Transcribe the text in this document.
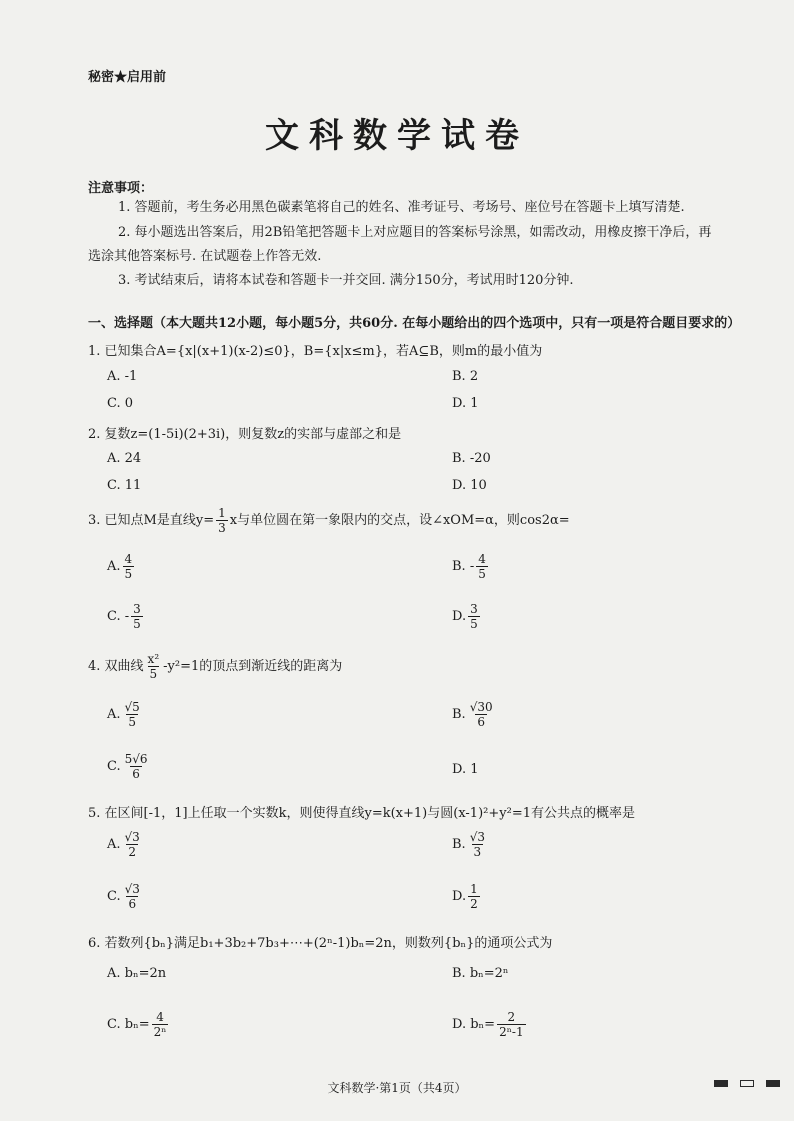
秘密★启用前
文科数学试卷
注意事项：
1. 答题前，考生务必用黑色碳素笔将自己的姓名、准考证号、考场号、座位号在答题卡上填写清楚.
2. 每小题选出答案后，用2B铅笔把答题卡上对应题目的答案标号涂黑，如需改动，用橡皮擦干净后，再
选涂其他答案标号. 在试题卷上作答无效.
3. 考试结束后，请将本试卷和答题卡一并交回. 满分150分，考试用时120分钟.
一、选择题（本大题共12小题，每小题5分，共60分. 在每小题给出的四个选项中，只有一项是符合题目要求的）
1. 已知集合A={x|(x+1)(x-2)≤0}，B={x|x≤m}，若A⊆B，则m的最小值为
A. -1	B. 2
C. 0	D. 1
2. 复数z=(1-5i)(2+3i)，则复数z的实部与虚部之和是
A. 24	B. -20
C. 11	D. 10
3. 已知点M是直线$y= \frac{1}{3}$ x与单位圆在第一象限内的交点，设∠xOM=α，则cos2α=
A. $\frac{4}{5}$	B. - $\frac{4}{5}$
C. - $\frac{3}{5}$	D. $\frac{3}{5}$
4. 双曲线 $\frac{\text{x²}}{5} -y^2=1$的顶点到渐近线的距离为
A. $\frac{√5}{5}$	B. $\frac{√30}{6}$
C. $\frac{5√6}{6}$	D. 1
5. 在区间[-1，1]上任取一个实数k，则使得直线y=k(x+1)与圆(x-1)²+y²=1有公共点的概率是
A. $\frac{√3}{2}$	B. $\frac{√3}{3}$
C. $\frac{√3}{6}$	D. $\frac{1}{2}$
6. 若数列{bₙ}满足b₁+3b₂+7b₃+⋯+(2ⁿ-1)bₙ=2n，则数列{bₙ}的通项公式为
A. bₙ=2n	B. bₙ=2ⁿ
C. $b_n= \frac{4}{\text{2ⁿ}}$	D. $b_n= \frac{2}{\text{2ⁿ-1}}$
文科数学·第1页（共4页）
